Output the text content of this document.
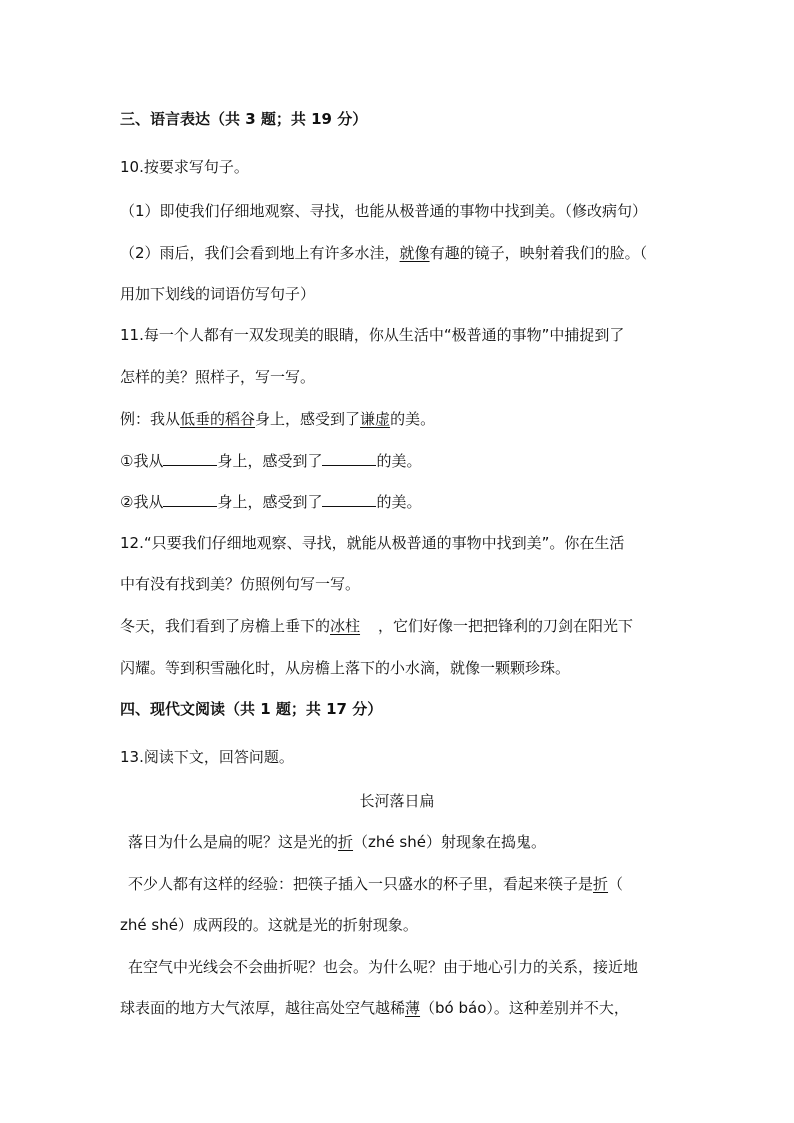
三、语言表达（共 3 题；共 19 分）
10.按要求写句子。
（1）即使我们仔细地观察、寻找，也能从极普通的事物中找到美。（修改病句）
（2）雨后，我们会看到地上有许多水洼，就像有趣的镜子，映射着我们的脸。（
用加下划线的词语仿写句子）
11.每一个人都有一双发现美的眼睛，你从生活中“极普通的事物”中捕捉到了
怎样的美？照样子，写一写。
例：我从低垂的稻谷身上，感受到了谦虚的美。
①我从	身上，感受到了	的美。
②我从	身上，感受到了	的美。
12.“只要我们仔细地观察、寻找，就能从极普通的事物中找到美”。你在生活
中有没有找到美？仿照例句写一写。
冬天，我们看到了房檐上垂下的冰柱 ，它们好像一把把锋利的刀剑在阳光下
闪耀。等到积雪融化时，从房檐上落下的小水滴，就像一颗颗珍珠。
四、现代文阅读（共 1 题；共 17 分）
13.阅读下文，回答问题。
长河落日扁
落日为什么是扁的呢？这是光的折（zhé shé）射现象在捣鬼。
不少人都有这样的经验：把筷子插入一只盛水的杯子里，看起来筷子是折（
zhé shé）成两段的。这就是光的折射现象。
在空气中光线会不会曲折呢？也会。为什么呢？由于地心引力的关系，接近地
球表面的地方大气浓厚，越往高处空气越稀薄（bó báo）。这种差别并不大，
